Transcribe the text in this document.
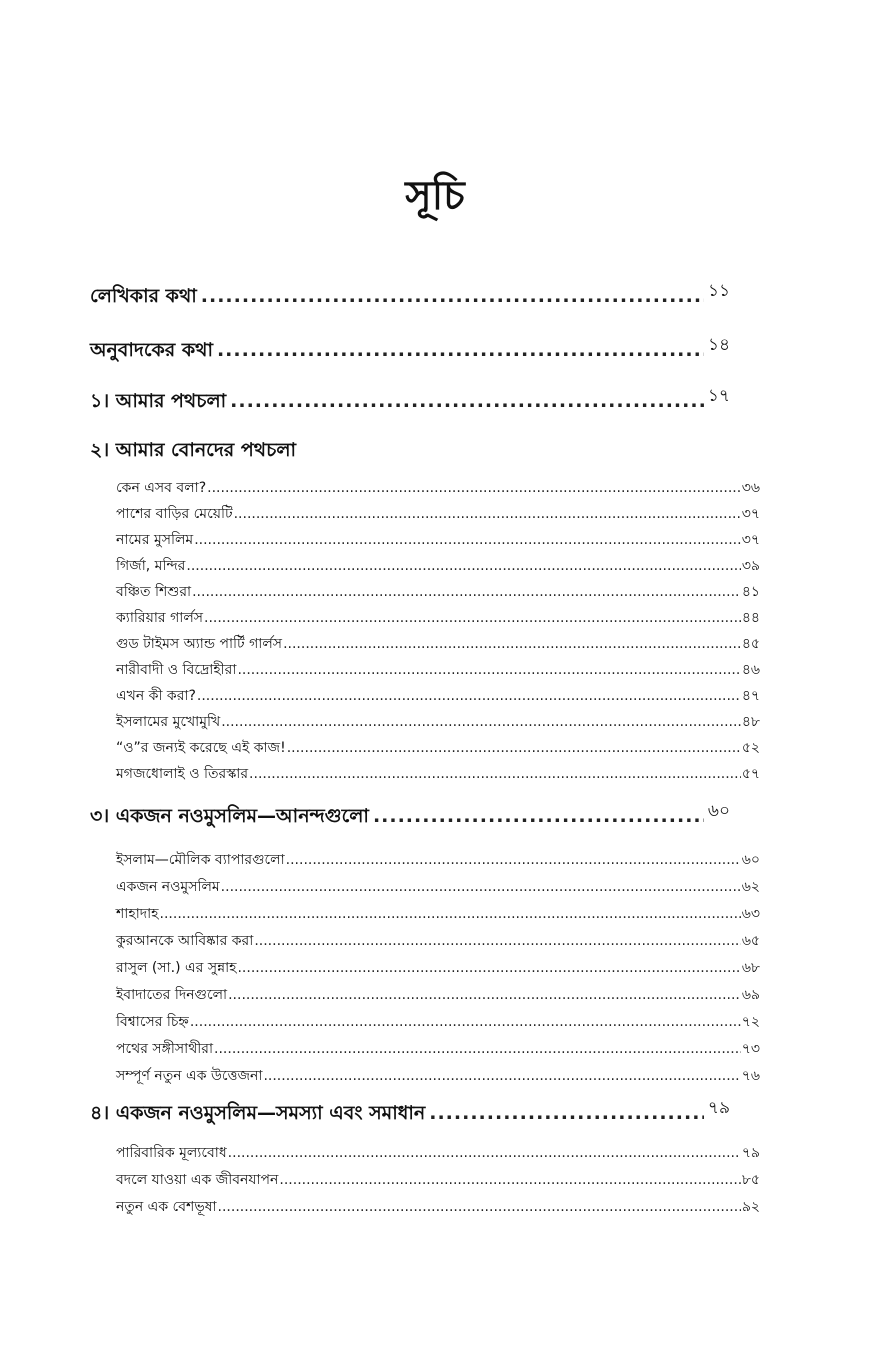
সূচি
লেখিকার কথা .....	১১
অনুবাদকের কথা .....	১৪
১। আমার পথচলা .....	১৭
২। আমার বোনদের পথচলা
কেন এসব বলা? .....	৩৬
পাশের বাড়ির মেয়েটি .....	৩৭
নামের মুসলিম .....	৩৭
গির্জা, মন্দির .....	৩৯
বঞ্চিত শিশুরা .....	৪১
ক্যারিয়ার গার্লস .....	৪৪
গুড টাইমস অ্যান্ড পার্টি গার্লস .....	৪৫
নারীবাদী ও বিদ্রোহীরা .....	৪৬
এখন কী করা? .....	৪৭
ইসলামের মুখোমুখি .....	৪৮
“ও”র জন্যই করেছে এই কাজ! .....	৫২
মগজধোলাই ও তিরস্কার .....	৫৭
৩। একজন নওমুসলিম—আনন্দগুলো .....	৬০
ইসলাম—মৌলিক ব্যাপারগুলো .....	৬০
একজন নওমুসলিম .....	৬২
শাহাদাহ .....	৬৩
কুরআনকে আবিষ্কার করা .....	৬৫
রাসুল (সা.) এর সুন্নাহ .....	৬৮
ইবাদাতের দিনগুলো .....	৬৯
বিশ্বাসের চিহ্ন .....	৭২
পথের সঙ্গীসাথীরা .....	৭৩
সম্পূর্ণ নতুন এক উত্তেজনা .....	৭৬
৪। একজন নওমুসলিম—সমস্যা এবং সমাধান .....	৭৯
পারিবারিক মূল্যবোধ .....	৭৯
বদলে যাওয়া এক জীবনযাপন .....	৮৫
নতুন এক বেশভূষা .....	৯২
